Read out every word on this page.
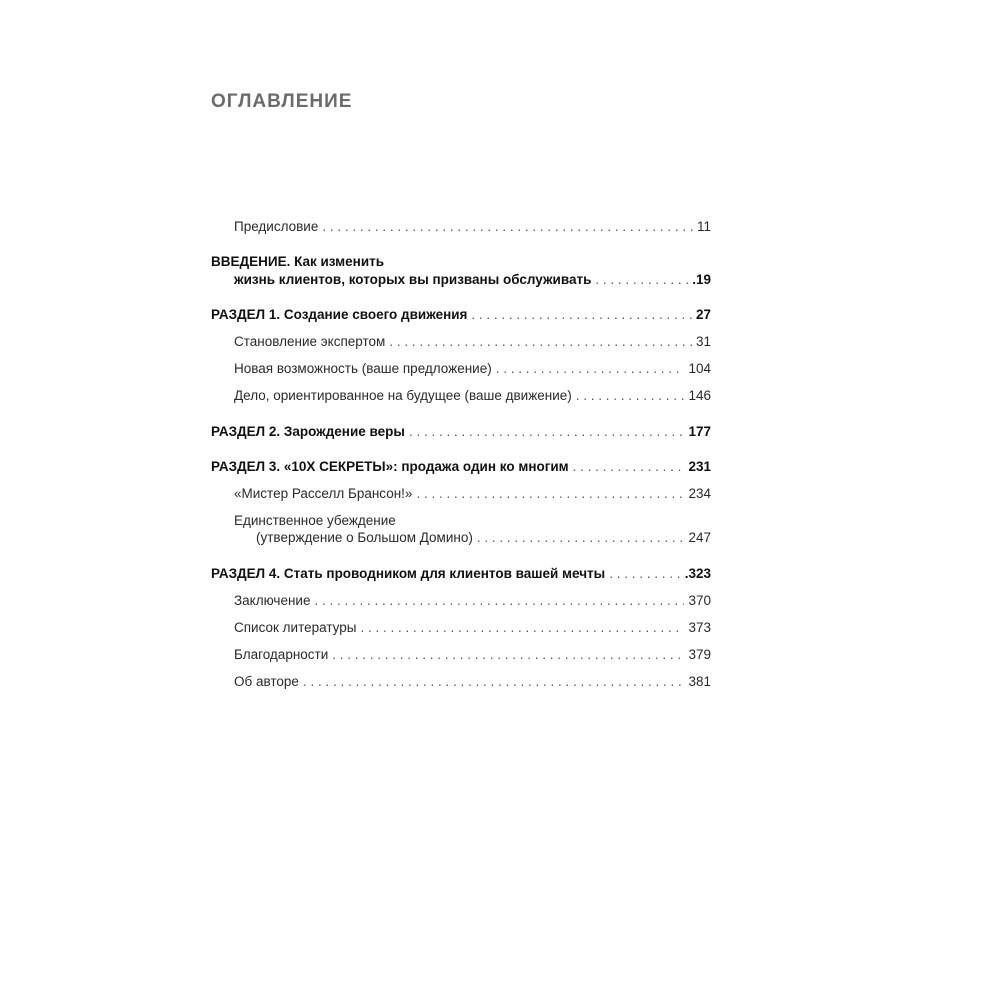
ОГЛАВЛЕНИЕ
Предисловие . . .	11
ВВЕДЕНИЕ. Как изменить
жизнь клиентов, которых вы призваны обслуживать . . .	.19
РАЗДЕЛ 1. Создание своего движения . . .	27
Становление экспертом . . .	31
Новая возможность (ваше предложение) . . .	104
Дело, ориентированное на будущее (ваше движение) . . .	146
РАЗДЕЛ 2. Зарождение веры . . .	177
РАЗДЕЛ 3. «10Х СЕКРЕТЫ»: продажа один ко многим . . .	231
«Мистер Расселл Брансон!» . . .	234
Единственное убеждение
(утверждение о Большом Домино) . . .	247
РАЗДЕЛ 4. Стать проводником для клиентов вашей мечты . . .	.323
Заключение . . .	370
Список литературы . . .	373
Благодарности . . .	379
Об авторе . . .	381
